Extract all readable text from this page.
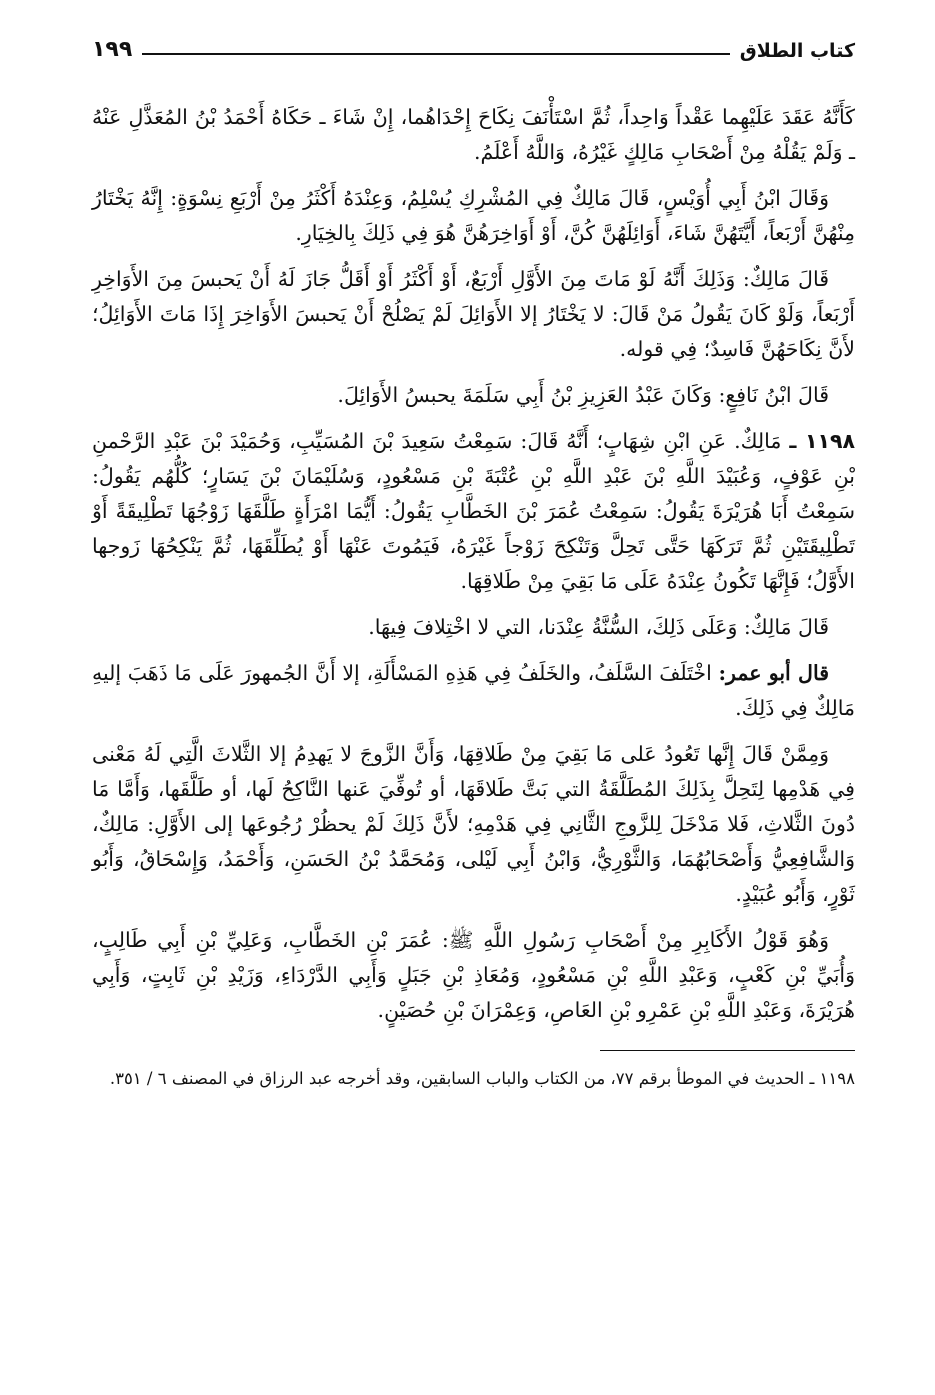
كتاب الطلاق
١٩٩

كَأَنَّهُ عَقَدَ عَلَيْهِما عَقْداً وَاحِداً، ثُمَّ اسْتَأْنَفَ نِكَاحَ إِحْدَاهُما، إِنْ شَاءَ ـ حَكَاهُ أَحْمَدُ بْنُ المُعَذَّلِ عَنْهُ ـ وَلَمْ يَقُلْهُ مِنْ أَصْحَابِ مَالِكٍ غَيْرُهُ، وَاللَّهُ أَعْلَمُ.

وَقَالَ ابْنُ أَبِي أُوَيْسٍ، قَالَ مَالِكٌ فِي المُشْرِكِ يُسْلِمُ، وَعِنْدَهُ أَكْثَرُ مِنْ أَرْبَعِ نِسْوَةٍ: إِنَّهُ يَخْتَارُ مِنْهُنَّ أَرْبَعاً، أَيَّتَهُنَّ شَاءَ، أَوَائِلَهُنَّ كُنَّ، أَوْ أَوَاخِرَهُنَّ هُوَ فِي ذَلِكَ بِالخِيَارِ.

قَالَ مَالِكٌ: وَذَلِكَ أَنَّهُ لَوْ مَاتَ مِنَ الأَوَّلِ أَرْبَعٌ، أَوْ أَكْثَرُ أَوْ أَقَلُّ جَازَ لَهُ أَنْ يَحبسَ مِنَ الأَوَاخِرِ أَرْبَعاً، وَلَوْ كَانَ يَقُولُ مَنْ قَالَ: لا يَخْتَارُ إلا الأَوَائِلَ لَمْ يَصْلُحْ أَنْ يَحبسَ الأَوَاخِرَ إِذَا مَاتَ الأَوَائِلُ؛ لأَنَّ نِكَاحَهُنَّ فَاسِدٌ؛ فِي قوله.

قَالَ ابْنُ نَافِعٍ: وَكَانَ عَبْدُ العَزِيزِ بْنُ أَبِي سَلَمَةَ يحبسُ الأَوَائِلَ.

١١٩٨ ـ مَالِكٌ. عَنِ ابْنِ شِهَابٍ؛ أَنَّهُ قَالَ: سَمِعْتُ سَعِيدَ بْنَ المُسَيِّبِ، وَحُمَيْدَ بْنَ عَبْدِ الرَّحْمنِ بْنِ عَوْفٍ، وَعُبَيْدَ اللَّهِ بْنَ عَبْدِ اللَّهِ بْنِ عُتْبَةَ بْنِ مَسْعُودٍ، وَسُلَيْمَانَ بْنَ يَسَارٍ؛ كُلُّهُم يَقُولُ: سَمِعْتُ أَبَا هُرَيْرَةَ يَقُولُ: سَمِعْتُ عُمَرَ بْنَ الخَطَّابِ يَقُولُ: أَيُّمَا امْرَأَةٍ طَلَّقَهَا زَوْجُهَا تَطْلِيقَةً أَوْ تَطْلِيقَتَيْنِ ثُمَّ تَرَكَهَا حَتَّى تَحِلَّ وَتَنْكِحَ زَوْجاً غَيْرَهُ، فَيَمُوتَ عَنْهَا أَوْ يُطَلِّقَهَا، ثُمَّ يَنْكِحُهَا زَوجها الأَوَّلُ؛ فَإِنَّهَا تَكُونُ عِنْدَهُ عَلَى مَا بَقِيَ مِنْ طَلاقِهَا.

قَالَ مَالِكٌ: وَعَلَى ذَلِكَ، السُّنَّةُ عِنْدَنا، التي لا اخْتِلافَ فِيهَا.

قال أبو عمر: اخْتَلَفَ السَّلَفُ، والخَلَفُ فِي هَذِهِ المَسْأَلَةِ، إلا أَنَّ الجُمهورَ عَلَى مَا ذَهَبَ إليهِ مَالِكٌ فِي ذَلِكَ.

وَمِمَّنْ قَالَ إِنَّها تَعُودُ عَلى مَا بَقِيَ مِنْ طَلاقِهَا، وَأَنَّ الزَّوجَ لا يَهدِمُ إلا الثَّلاثَ الَّتِي لَهُ مَعْنى فِي هَدْمِها لِتَحِلَّ بِذَلِكَ المُطَلَّقَةُ التي بَتَّ طَلاقَهَا، أو تُوفِّيَ عَنها النَّاكِحُ لَها، أو طَلَّقَها، وَأَمَّا مَا دُونَ الثَّلاثِ، فَلا مَدْخَلَ لِلزَّوجِ الثَّانِي فِي هَدْمِهِ؛ لأَنَّ ذَلِكَ لَمْ يحظُرْ رُجُوعَها إلى الأَوَّلِ: مَالِكٌ، وَالشَّافِعِيُّ وَأَصْحَابُهُمَا، وَالثَّوْرِيُّ، وَابْنُ أَبِي لَيْلى، وَمُحَمَّدُ بْنُ الحَسَنِ، وَأَحْمَدُ، وَإِسْحَاقُ، وَأَبُو ثَوْرٍ، وَأَبُو عُبَيْدٍ.

وَهُوَ قَوْلُ الأَكَابِرِ مِنْ أَصْحَابِ رَسُولِ اللَّهِ ﷺ: عُمَرَ بْنِ الخَطَّابِ، وَعَلِيِّ بْنِ أَبِي طَالِبٍ، وَأُبَيِّ بْنِ كَعْبٍ، وَعَبْدِ اللَّهِ بْنِ مَسْعُودٍ، وَمُعَاذِ بْنِ جَبَلٍ وَأَبِي الدَّرْدَاءِ، وَزَيْدِ بْنِ ثَابِتٍ، وَأَبِي هُرَيْرَةَ، وَعَبْدِ اللَّهِ بْنِ عَمْرِو بْنِ العَاصِ، وَعِمْرَانَ بْنِ حُصَيْنٍ.

١١٩٨ ـ الحديث في الموطأ برقم ٧٧، من الكتاب والباب السابقين، وقد أخرجه عبد الرزاق في المصنف ٦ / ٣٥١.
